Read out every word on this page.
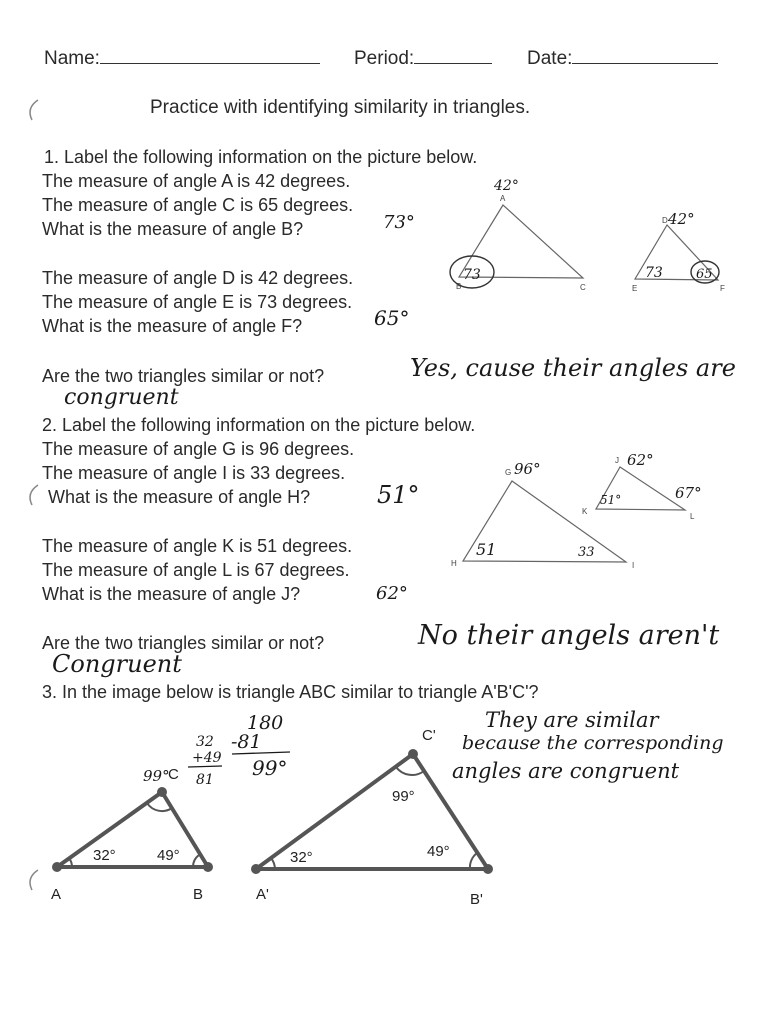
Name:	Period:	Date:
Practice with identifying similarity in triangles.
1. Label the following information on the picture below.
The measure of angle A is 42 degrees.
The measure of angle C is 65 degrees.
What is the measure of angle B?	73°
The measure of angle D is 42 degrees.
The measure of angle E is 73 degrees.
What is the measure of angle F?	65°
Are the two triangles similar or not?	Yes, cause their angles are
congruent
2. Label the following information on the picture below.
The measure of angle G is 96 degrees.
The measure of angle I is 33 degrees.
What is the measure of angle H?	51°
The measure of angle K is 51 degrees.
The measure of angle L is 67 degrees.
What is the measure of angle J?	62°
Are the two triangles similar or not?	No their angels aren't
Congruent
3. In the image below is triangle ABC similar to triangle A'B'C'?
They are similar
because the corresponding
angles are congruent
A
B	C
42°
73
D
E	F
42°
73	65
G
H	I
96°
51	33
J
K
L
62°
51°	67°
A	B
C
32°	49°
99°
A'	B'
C'
32°	49°
99°
32
+49
81
180
-81
99°
